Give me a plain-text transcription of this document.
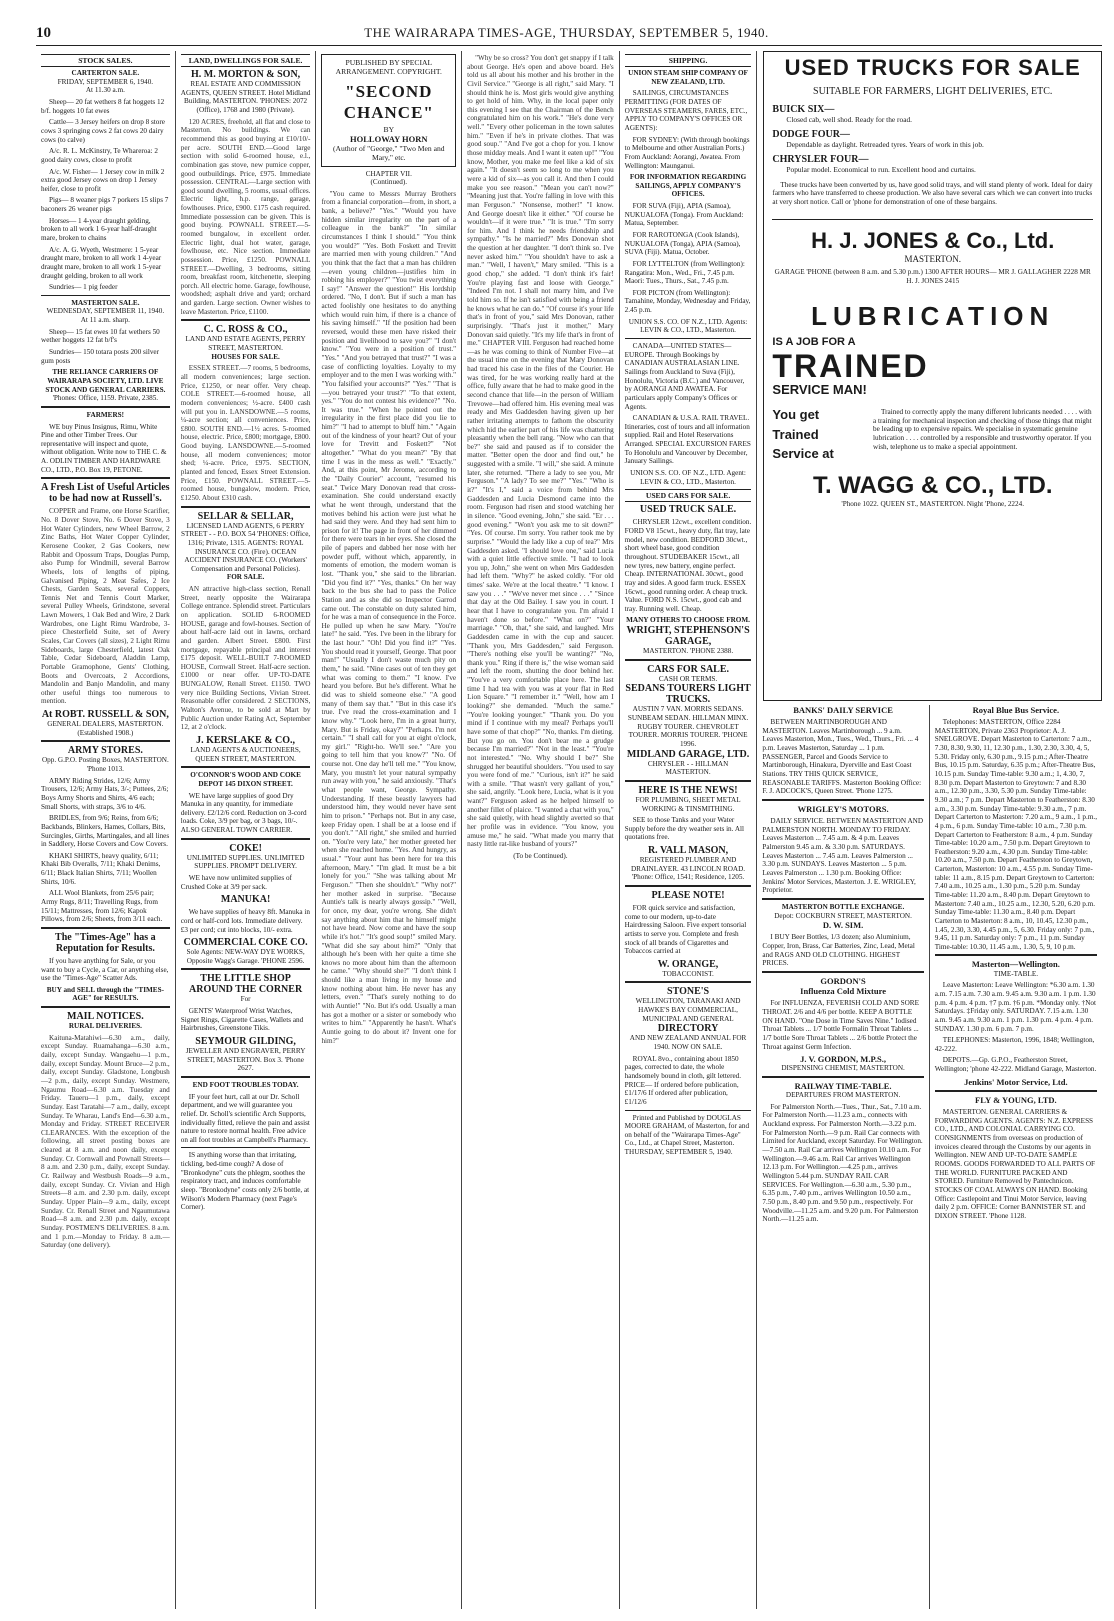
10	THE WAIRARAPA TIMES-AGE, THURSDAY, SEPTEMBER 5, 1940.
STOCK SALES.
CARTERTON SALE.
FRIDAY, SEPTEMBER 6, 1940.
At 11.30 a.m.
Sheep— 20 fat wethers 8 fat hoggets 12 b/f. hoggets 10 fat ewes
Cattle— 3 Jersey heifers on drop 8 store cows 3 springing cows 2 fat cows 20 dairy cows (to calve)
A/c. R. L. McKinstry, Te Whareroa: 2 good dairy cows, close to profit
A/c. W. Fisher— 1 Jersey cow in milk 2 extra good Jersey cows on drop 1 Jersey heifer, close to profit
Pigs— 8 weaner pigs 7 porkers 15 slips 7 baconers 26 weaner pigs
Horses— 1 4-year draught gelding, broken to all work 1 6-year half-draught mare, broken to chains
A/c. A. G. Wyeth, Westmere: 1 5-year draught mare, broken to all work 1 4-year draught mare, broken to all work 1 5-year draught gelding, broken to all work
Sundries— 1 pig feeder
MASTERTON SALE.
WEDNESDAY, SEPTEMBER 11, 1940.
At 11 a.m. sharp.
Sheep— 15 fat ewes 10 fat wethers 50 wether hoggets 12 fat b/f's
Sundries— 150 totara posts 200 silver gum posts
THE RELIANCE CARRIERS OF WAIRARAPA SOCIETY, LTD. LIVE STOCK AND GENERAL CARRIERS.
'Phones: Office, 1159. Private, 2385.
FARMERS!
WE buy Pinus Insignus, Rimu, White Pine and other Timber Trees. Our representative will inspect and quote, without obligation. Write now to THE C. & A. ODLIN TIMBER AND HARDWARE CO., LTD., P.O. Box 19, PETONE.
A Fresh List of Useful Articles to be had now at Russell's.
COPPER and Frame, one Horse Scarifier, No. 8 Dover Stove, No. 6 Dover Stove, 3 Hot Water Cylinders, new Wheel Barrow, 2 Zinc Baths, Hot Water Copper Cylinder, Kerosene Cooker, 2 Gas Cookers, new Rabbit and Opossum Traps, Douglas Pump, also Pump for Windmill, several Barrow Wheels, lots of lengths of piping, Galvanised Piping, 2 Meat Safes, 2 Ice Chests, Garden Seats, several Coppers, Tennis Net and Tennis Court Marker, several Pulley Wheels, Grindstone, several Lawn Mowers, 1 Oak Bed and Wire, 2 Dark Wardrobes, one Light Rimu Wardrobe, 3-piece Chesterfield Suite, set of Avery Scales, Car Covers (all sizes), 2 Light Rimu Sideboards, large Chesterfield, latest Oak Table, Cedar Sideboard, Aladdin Lamp, Portable Gramophone, Gents' Clothing, Boots and Overcoats, 2 Accordions, Mandolin and Banjo Mandolin, and many other useful things too numerous to mention.
At ROBT. RUSSELL & SON,
GENERAL DEALERS, MASTERTON. (Established 1908.)
ARMY STORES.
Opp. G.P.O. Posting Boxes, MASTERTON. 'Phone 1013.
ARMY Riding Strides, 12/6; Army Trousers, 12/6; Army Hats, 3/-; Puttees, 2/6; Boys Army Shorts and Shirts, 4/6 each; Small Shorts, with straps, 3/6 to 4/6.
BRIDLES, from 9/6; Reins, from 6/6; Backbands, Blinkers, Hames, Collars, Bits, Surcingles, Girths, Martingales, and all lines in Saddlery, Horse Covers and Cow Covers.
KHAKI SHIRTS, heavy quality, 6/11; Khaki Bib Overalls, 7/11; Khaki Denims, 6/11; Black Italian Shirts, 7/11; Woollen Shirts, 10/6.
ALL Wool Blankets, from 25/6 pair; Army Rugs, 8/11; Travelling Rugs, from 15/11; Mattresses, from 12/6; Kapok Pillows, from 2/6; Sheets, from 3/11 each.
The "Times-Age" has a Reputation for Results.
If you have anything for Sale, or you want to buy a Cycle, a Car, or anything else, use the "Times-Age" Scatter Ads.
BUY and SELL through the "TIMES-AGE" for RESULTS.
MAIL NOTICES.
RURAL DELIVERIES.
Kaituna-Matahiwi—6.30 a.m., daily, except Sunday. Ruamahanga—6.30 a.m., daily, except Sunday. Wangaehu—1 p.m., daily, except Sunday. Mount Bruce—2 p.m., daily, except Sunday. Gladstone, Longbush—2 p.m., daily, except Sunday. Westmere, Ngaumu Road—6.30 a.m. Tuesday and Friday. Taueru—1 p.m., daily, except Sunday. East Taratahi—7 a.m., daily, except Sunday. Te Wharau, Land's End—6.30 a.m., Monday and Friday. STREET RECEIVER CLEARANCES. With the exception of the following, all street posting boxes are cleared at 8 a.m. and noon daily, except Sunday. Cr. Cornwall and Pownall Streets—8 a.m. and 2.30 p.m., daily, except Sunday. Cr. Railway and Westbush Roads—9 a.m., daily, except Sunday. Cr. Vivian and High Streets—8 a.m. and 2.30 p.m. daily, except Sunday. Upper Plain—9 a.m., daily, except Sunday. Cr. Renall Street and Ngaumutawa Road—8 a.m. and 2.30 p.m. daily, except Sunday. POSTMEN'S DELIVERIES. 8 a.m. and 1 p.m.—Monday to Friday. 8 a.m.—Saturday (one delivery).
LAND, DWELLINGS FOR SALE.
H. M. MORTON & SON,
REAL ESTATE AND COMMISSION AGENTS, QUEEN STREET. Hotel Midland Building, MASTERTON. 'PHONES: 2072 (Office), 1768 and 1980 (Private).
120 ACRES, freehold, all flat and close to Masterton. No buildings. We can recommend this as good buying at £10/10/- per acre. SOUTH END.—Good large section with solid 6-roomed house, e.l., combination gas stove, new pumice copper, good outbuildings. Price, £975. Immediate possession. CENTRAL—Large section with good sound dwelling, 5 rooms, usual offices. Electric light, h.p. range, garage, fowlhouses. Price, £900. £175 cash required. Immediate possession can be given. This is good buying. POWNALL STREET.—5-roomed bungalow, in excellent order. Electric light, dual hot water, garage, fowlhouse, etc. Nice section. Immediate possession. Price, £1250. POWNALL STREET.—Dwelling, 3 bedrooms, sitting room, breakfast room, kitchenette, sleeping porch. All electric home. Garage, fowlhouse, woodshed; asphalt drive and yard; orchard and garden. Large section. Owner wishes to leave Masterton. Price, £1100.
C. C. ROSS & CO.,
LAND AND ESTATE AGENTS, PERRY STREET, MASTERTON.
HOUSES FOR SALE.
ESSEX STREET.—7 rooms, 5 bedrooms, all modern conveniences; large section. Price, £1250, or near offer. Very cheap. COLE STREET.—6-roomed house, all modern conveniences; ½-acre. £400 cash will put you in. LANSDOWNE.—5 rooms, ¼-acre section; all conveniences. Price, £800. SOUTH END.—1½ acres. 5-roomed house, electric. Price, £800; mortgage, £800. Good buying. LANSDOWNE.—5-roomed house, all modern conveniences; motor shed; ¼-acre. Price, £975. SECTION, planted and fenced, Essex Street Extension. Price, £150. POWNALL STREET.—5-roomed house, bungalow, modern. Price, £1250. About £310 cash.
SELLAR & SELLAR,
LICENSED LAND AGENTS, 6 PERRY STREET - - P.O. BOX 54 'PHONES: Office, 1316; Private, 1315. AGENTS: ROYAL INSURANCE CO. (Fire). OCEAN ACCIDENT INSURANCE CO. (Workers' Compensation and Personal Policies).
FOR SALE.
AN attractive high-class section, Renall Street, nearly opposite the Wairarapa College entrance. Splendid street. Particulars on application. SOLID 6-ROOMED HOUSE, garage and fowl-houses. Section of about half-acre laid out in lawns, orchard and garden. Albert Street. £800. First mortgage, repayable principal and interest £175 deposit. WELL-BUILT 7-ROOMED HOUSE, Cornwall Street. Half-acre section. £1000 or near offer. UP-TO-DATE BUNGALOW, Renall Street. £1150. TWO very nice Building Sections, Vivian Street. Reasonable offer considered. 2 SECTIONS, Walton's Avenue, to be sold at Mart by Public Auction under Rating Act, September 12, at 2 o'clock.
J. KERSLAKE & CO.,
LAND AGENTS & AUCTIONEERS, QUEEN STREET, MASTERTON.
O'CONNOR'S WOOD AND COKE DEPOT 145 DIXON STREET.
WE have large supplies of good Dry Manuka in any quantity, for immediate delivery. £2/12/6 cord. Reduction on 3-cord loads. Coke, 3/9 per bag, or 3 bags, 10/-. ALSO GENERAL TOWN CARRIER.
COKE!
UNLIMITED SUPPLIES. UNLIMITED SUPPLIES. PROMPT DELIVERY.
WE have now unlimited supplies of Crushed Coke at 3/9 per sack.
MANUKA!
We have supplies of heavy 8ft. Manuka in cord or half-cord lots. Immediate delivery. £3 per cord; cut into blocks, 10/- extra.
COMMERCIAL COKE CO.
Sole Agents: NEW-WAY DYE WORKS, Opposite Wagg's Garage. 'PHONE 2596.
THE LITTLE SHOP AROUND THE CORNER
For
GENTS' Waterproof Wrist Watches, Signet Rings, Cigarette Cases, Wallets and Hairbrushes, Greenstone Tikis.
SEYMOUR GILDING,
JEWELLER AND ENGRAVER, PERRY STREET, MASTERTON. Box 3. 'Phone 2627.
END FOOT TROUBLES TODAY.
IF your feet hurt, call at our Dr. Scholl department, and we will guarantee you relief. Dr. Scholl's scientific Arch Supports, individually fitted, relieve the pain and assist nature to restore normal health. Free advice on all foot troubles at Campbell's Pharmacy.
IS anything worse than that irritating, tickling, bed-time cough? A dose of "Bronkodyne" cuts the phlegm, soothes the respiratory tract, and induces comfortable sleep. "Bronkodyne" costs only 2/6 bottle, at Wilson's Modern Pharmacy (next Page's Corner).
PUBLISHED BY SPECIAL ARRANGEMENT. COPYRIGHT.
"SECOND CHANCE"
BY
HOLLOWAY HORN
(Author of "George," "Two Men and Mary," etc.
CHAPTER VII.
(Continued).
"You came to Messrs Murray Brothers from a financial corporation—from, in short, a bank, a believe?" "Yes." "Would you have hidden similar irregularity on the part of a colleague in the bank?" "In similar circumstances I think I should." "You think you would?" "Yes. Both Foskett and Trevitt are married men with young children." "And you think that the fact that a man has children—even young children—justifies him in robbing his employer?" "You twist everything I say!" "Answer the question!" His lordship ordered. "No, I don't. But if such a man has acted foolishly one hesitates to do anything which would ruin him, if there is a chance of his saving himself." "If the position had been reversed, would these men have risked their position and livelihood to save you?" "I don't know." "You were in a position of trust." "Yes." "And you betrayed that trust?" "I was a case of conflicting loyalties. Loyalty to my employer and to the men I was working with." "You falsified your accounts?" "Yes." "That is—you betrayed your trust?" "To that extent, yes." "You do not contest his evidence?" "No. It was true." "When he pointed out the irregularity in the first place did you lie to him?" "I had to attempt to bluff him." "Again out of the kindness of your heart? Out of your love for Trevitt and Foskett?" "Not altogether." "What do you mean?" "By that time I was in the mess as well." "Exactly." And, at this point, Mr Jerome, according to the "Daily Courier" account, "resumed his seat." Twice Mary Donovan read that cross-examination. She could understand exactly what he went through, understand that the motives behind his action were just what he had said they were. And they had sent him to prison for it! The page in front of her dimmed for there were tears in her eyes. She closed the pile of papers and dabbed her nose with her powder puff, without which, apparently, in moments of emotion, the modern woman is lost. "Thank you," she said to the librarian. "Did you find it?" "Yes, thanks." On her way back to the bus she had to pass the Police Station and as she did so Inspector Garrod came out. The constable on duty saluted him, for he was a man of consequence in the Force. He pulled up when he saw Mary. "You're late!" he said. "Yes. I've been in the library for the last hour." "Oh! Did you find it?" "Yes. You should read it yourself, George. That poor man!" "Usually I don't waste much pity on them," he said. "Nine cases out of ten they get what was coming to them." "I know. I've heard you before. But he's different. What he did was to shield someone else." "A good many of them say that." "But in this case it's true. I've read the cross-examination and I know why." "Look here, I'm in a great hurry, Mary. But is Friday, okay?" "Perhaps. I'm not certain." "I shall call for you at eight o'clock, my girl." "Right-ho. We'll see." "Are you going to tell him that you know?" "No. Of course not. One day he'll tell me." "You know, Mary, you mustn't let your natural sympathy run away with you," he said anxiously. "That's what people want, George. Sympathy. Understanding. If these beastly lawyers had understood him, they would never have sent him to prison." "Perhaps not. But in any case, keep Friday open. I shall be at a loose end if you don't." "All right," she smiled and hurried on. "You're very late," her mother greeted her when she reached home. "Yes. And hungry, as usual." "Your aunt has been here for tea this afternoon, Mary." "I'm glad. It must be a bit lonely for you." "She was talking about Mr Ferguson." "Then she shouldn't." "Why not?" her mother asked in surprise. "Because Auntie's talk is nearly always gossip." "Well, for once, my dear, you're wrong. She didn't say anything about him that he himself might not have heard. Now come and have the soup while it's hot." "It's good soup!" smiled Mary. "What did she say about him?" "Only that although he's been with her quite a time she knows no more about him than the afternoon he came." "Why should she?" "I don't think I should like a man living in my house and know nothing about him. He never has any letters, even." "That's surely nothing to do with Auntie!" "No. But it's odd. Usually a man has got a mother or a sister or somebody who writes to him." "Apparently he hasn't. What's Auntie going to do about it? Invent one for him?"
"Why be so cross? You don't get snappy if I talk about George. He's open and above board. He's told us all about his mother and his brother in the Civil Service." "George is all right," said Mary. "I should think he is. Most girls would give anything to get hold of him. Why, in the local paper only this evening I see that the Chairman of the Bench congratulated him on his work." "He's done very well." "Every other policeman in the town salutes him." "Even if he's in private clothes. That was good soup." "And I've got a chop for you. I know those midday meals. And I want it eaten up!" "You know, Mother, you make me feel like a kid of six again." "It doesn't seem so long to me when you were a kid of six—as you call it. And then I could make you see reason." "Mean you can't now?" "Meaning just that. You're falling in love with this man Ferguson." "Nonsense, mother!" "I know. And George doesn't like it either." "Of course he wouldn't—if it were true." "It is true." "I'm sorry for him. And I think he needs friendship and sympathy." "Is he married?" Mrs Donovan shot the question at her daughter. "I don't think so. I've never asked him." "You shouldn't have to ask a man." "Well, I haven't," Mary smiled. "This is a good chop," she added. "I don't think it's fair! You're playing fast and loose with George." "Indeed I'm not. I shall not marry him, and I've told him so. If he isn't satisfied with being a friend he knows what he can do." "Of course it's your life that's in front of you," said Mrs Donovan, rather surprisingly. "That's just it mother," Mary Donovan said quietly. "It's my life that's in front of me." CHAPTER VIII. Ferguson had reached home—as he was coming to think of Number Five—at the usual time on the evening that Mary Donovan had traced his case in the files of the Courier. He was tired, for he was working really hard at the office, fully aware that he had to make good in the second chance that life—in the person of William Trevowe—had offered him. His evening meal was ready and Mrs Gaddesden having given up her rather irritating attempts to fathom the obscurity which hid the earlier part of his life was chattering pleasantly when the bell rang. "Now who can that be?" she said and paused as if to consider the matter. "Better open the door and find out," he suggested with a smile. "I will," she said. A minute later, she returned. "There a lady to see you, Mr Ferguson." "A lady? To see me?" "Yes." "Who is it?" "It's I," said a voice from behind Mrs Gaddesden and Lucia Desmond came into the room. Ferguson had risen and stood watching her in silence. "Good evening, John," she said. "Er . . . good evening." "Won't you ask me to sit down?" "Yes. Of course. I'm sorry. You rather took me by surprise." "Would the lady like a cup of tea?" Mrs Gaddesden asked. "I should love one," said Lucia with a quiet little effective smile. "I had to look you up, John," she went on when Mrs Gaddesden had left them. "Why?" he asked coldly. "For old times' sake. We're at the local theatre." "I know. I saw you . . ." "We've never met since . . ." "Since that day at the Old Bailey. I saw you in court. I hear that I have to congratulate you. I'm afraid I haven't done so before." "What on?" "Your marriage." "Oh, that," she said, and laughed. Mrs Gaddesden came in with the cup and saucer. "Thank you, Mrs Gaddesden," said Ferguson. "There's nothing else you'll be wanting?" "No, thank you." Ring if there is," the wise woman said and left the room, shutting the door behind her. "You've a very comfortable place here. The last time I had tea with you was at your flat in Red Lion Square." "I remember it." "Well, how am I looking?" she demanded. "Much the same." "You're looking younger." "Thank you. Do you mind if I continue with my meal? Perhaps you'll have some of that chop?" "No, thanks. I'm dieting. But you go on. You don't bear me a grudge because I'm married?" "Not in the least." "You're not interested." "No. Why should I be?" She shrugged her beautiful shoulders. "You used to say you were fond of me." "Curious, isn't it?" he said with a smile. "That wasn't very gallant of you," she said, angrily. "Look here, Lucia, what is it you want?" Ferguson asked as he helped himself to another fillet of plaice. "I wanted a chat with you," she said quietly, with head slightly averted so that her profile was in evidence. "You know, you amuse me," he said. "What made you marry that nasty little rat-like husband of yours?"
(To be Continued).
SHIPPING.
UNION STEAM SHIP COMPANY OF NEW ZEALAND, LTD.
SAILINGS, CIRCUMSTANCES PERMITTING (FOR DATES OF OVERSEAS STEAMERS, FARES, ETC., APPLY TO COMPANY'S OFFICES OR AGENTS):
FOR SYDNEY: (With through bookings to Melbourne and other Australian Ports.) From Auckland: Aorangi, Awatea. From Wellington: Maunganui.
FOR INFORMATION REGARDING SAILINGS, APPLY COMPANY'S OFFICES.
FOR SUVA (Fiji), APIA (Samoa), NUKUALOFA (Tonga). From Auckland: Matua, September.
FOR RAROTONGA (Cook Islands), NUKUALOFA (Tonga), APIA (Samoa), SUVA (Fiji). Matua, October.
FOR LYTTELTON (from Wellington): Rangatira: Mon., Wed., Fri., 7.45 p.m. Maori: Tues., Thurs., Sat., 7.45 p.m.
FOR PICTON (from Wellington): Tamahine, Monday, Wednesday and Friday, 2.45 p.m.
UNION S.S. CO. OF N.Z., LTD. Agents: LEVIN & CO., LTD., Masterton.
CANADA—UNITED STATES—EUROPE. Through Bookings by CANADIAN AUSTRALASIAN LINE. Sailings from Auckland to Suva (Fiji), Honolulu, Victoria (B.C.) and Vancouver, by AORANGI AND AWATEA. For particulars apply Company's Offices or Agents.
CANADIAN & U.S.A. RAIL TRAVEL. Itineraries, cost of tours and all information supplied. Rail and Hotel Reservations Arranged. SPECIAL EXCURSION FARES To Honolulu and Vancouver by December, January Sailings.
UNION S.S. CO. OF N.Z., LTD. Agent: LEVIN & CO., LTD., Masterton.
USED CARS FOR SALE.
USED TRUCK SALE.
CHRYSLER 12cwt., excellent condition. FORD V8 15cwt., heavy duty, flat tray, late model, new condition. BEDFORD 30cwt., short wheel base, good condition throughout. STUDEBAKER 15cwt., all new tyres, new battery, engine perfect. Cheap. INTERNATIONAL 30cwt., good tray and sides. A good farm truck. ESSEX 16cwt., good running order. A cheap truck. Value. FORD N.S. 15cwt., good cab and tray. Running well. Cheap.
MANY OTHERS TO CHOOSE FROM.
WRIGHT, STEPHENSON'S GARAGE,
MASTERTON. 'PHONE 2388.
CARS FOR SALE.
CASH OR TERMS.
SEDANS TOURERS LIGHT TRUCKS.
AUSTIN 7 VAN. MORRIS SEDANS. SUNBEAM SEDAN. HILLMAN MINX. RUGBY TOURER. CHEVROLET TOURER. MORRIS TOURER. 'PHONE 1996.
MIDLAND GARAGE, LTD.
CHRYSLER - - HILLMAN MASTERTON.
HERE IS THE NEWS!
FOR PLUMBING, SHEET METAL WORKING & TINSMITHING.
SEE to those Tanks and your Water Supply before the dry weather sets in. All quotations free.
R. VALL MASON,
REGISTERED PLUMBER AND DRAINLAYER. 43 LINCOLN ROAD. 'Phone: Office, 1541; Residence, 1205.
PLEASE NOTE!
FOR quick service and satisfaction, come to our modern, up-to-date Hairdressing Saloon. Five expert tonsorial artists to serve you. Complete and fresh stock of all brands of Cigarettes and Tobaccos carried at
W. ORANGE,
TOBACCONIST.
STONE'S
WELLINGTON, TARANAKI AND HAWKE'S BAY COMMERCIAL, MUNICIPAL AND GENERAL
DIRECTORY
AND NEW ZEALAND ANNUAL FOR 1940. NOW ON SALE.
ROYAL 8vo., containing about 1850 pages, corrected to date, the whole handsomely bound in cloth, gilt lettered. PRICE— If ordered before publication, £1/17/6 If ordered after publication, £1/12/6
Printed and Published by DOUGLAS MOORE GRAHAM, of Masterton, for and on behalf of the "Wairarapa Times-Age" Co., Ltd., at Chapel Street, Masterton. THURSDAY, SEPTEMBER 5, 1940.
USED TRUCKS FOR SALE
SUITABLE FOR FARMERS, LIGHT DELIVERIES, ETC.
BUICK SIX—
Closed cab, well shod. Ready for the road.
DODGE FOUR—
Dependable as daylight. Retreaded tyres. Years of work in this job.
CHRYSLER FOUR—
Popular model. Economical to run. Excellent hood and curtains.
These trucks have been converted by us, have good solid trays, and will stand plenty of work. Ideal for dairy farmers who have transferred to cheese production. We also have several cars which we can convert into trucks at very short notice. Call or 'phone for demonstration of one of these bargains.
H. J. JONES & Co., Ltd.
MASTERTON.
GARAGE 'PHONE (between 8 a.m. and 5.30 p.m.) 1300 AFTER HOURS— MR J. GALLAGHER 2228 MR H. J. JONES 2415
LUBRICATION
IS A JOB FOR A
TRAINED
SERVICE MAN!
You get Trained Service at
Trained to correctly apply the many different lubricants needed . . . . with a training for mechanical inspection and checking of those things that might be leading up to expensive repairs. We specialise in systematic genuine lubrication . . . . controlled by a responsible and trustworthy operator. If you wish, telephone us to make a special appointment.
T. WAGG & CO., LTD.
'Phone 1022. QUEEN ST., MASTERTON. Night 'Phone, 2224.
BANKS' DAILY SERVICE
BETWEEN MARTINBOROUGH AND MASTERTON. Leaves Martinborough ... 9 a.m. Leaves Masterton, Mon., Tues., Wed., Thurs., Fri. ... 4 p.m. Leaves Masterton, Saturday ... 1 p.m. PASSENGER, Parcel and Goods Service to Martinborough, Hinakura, Dyerville and East Coast Stations. TRY THIS QUICK SERVICE, REASONABLE TARIFFS. Masterton Booking Office: F. J. ADCOCK'S, Queen Street. 'Phone 1275.
WRIGLEY'S MOTORS.
DAILY SERVICE. BETWEEN MASTERTON AND PALMERSTON NORTH. MONDAY TO FRIDAY. Leaves Masterton ... 7.45 a.m. & 4 p.m. Leaves Palmerston 9.45 a.m. & 3.30 p.m. SATURDAYS. Leaves Masterton ... 7.45 a.m. Leaves Palmerston ... 3.30 p.m. SUNDAYS. Leaves Masterton ... 5 p.m. Leaves Palmerston ... 1.30 p.m. Booking Office: Jenkins' Motor Services, Masterton. J. E. WRIGLEY, Proprietor.
MASTERTON BOTTLE EXCHANGE.
Depot: COCKBURN STREET, MASTERTON.
D. W. SIM.
I BUY Beer Bottles, 1/3 dozen; also Aluminium, Copper, Iron, Brass, Car Batteries, Zinc, Lead, Metal and RAGS AND OLD CLOTHING. HIGHEST PRICES.
GORDON'S
Influenza Cold Mixture
For INFLUENZA, FEVERISH COLD AND SORE THROAT. 2/6 and 4/6 per bottle. KEEP A BOTTLE ON HAND. "One Dose in Time Saves Nine." Iodised Throat Tablets ... 1/7 bottle Formalin Throat Tablets ... 1/7 bottle Sore Throat Tablets ... 2/6 bottle Protect the Throat against Germ Infection.
J. V. GORDON, M.P.S.,
DISPENSING CHEMIST, MASTERTON.
RAILWAY TIME-TABLE.
DEPARTURES FROM MASTERTON.
For Palmerston North.—Tues., Thur., Sat., 7.10 a.m. For Palmerston North.—11.23 a.m., connects with Auckland express. For Palmerston North.—3.22 p.m. For Palmerston North.—9 p.m. Rail Car connects with Limited for Auckland, except Saturday. For Wellington.—7.50 a.m. Rail Car arrives Wellington 10.10 a.m. For Wellington.—9.46 a.m. Rail Car arrives Wellington 12.13 p.m. For Wellington.—4.25 p.m., arrives Wellington 5.44 p.m. SUNDAY RAIL CAR SERVICES. For Wellington.—6.30 a.m., 5.30 p.m., 6.35 p.m., 7.40 p.m., arrives Wellington 10.50 a.m., 7.50 p.m., 8.40 p.m. and 9.50 p.m., respectively. For Woodville.—11.25 a.m. and 9.20 p.m. For Palmerston North.—11.25 a.m.
Royal Blue Bus Service.
Telephones: MASTERTON, Office 2284 MASTERTON, Private 2363 Proprietor: A. J. SNELGROVE. Depart Masterton to Carterton: 7 a.m., 7.30, 8.30, 9.30, 11, 12.30 p.m., 1.30, 2.30, 3.30, 4, 5, 5.30. Friday only, 6.30 p.m., 9.15 p.m.; After-Theatre Bus, 10.15 p.m. Saturday, 6.35 p.m.; After-Theatre Bus, 10.15 p.m. Sunday Time-table: 9.30 a.m.; 1, 4.30, 7, 8.30 p.m. Depart Masterton to Greytown: 7 and 8.30 a.m., 12.30 p.m., 3.30, 5.30 p.m. Sunday Time-table: 9.30 a.m.; 7 p.m. Depart Masterton to Featherston: 8.30 a.m., 3.30 p.m. Sunday Time-table: 9.30 a.m., 7 p.m. Depart Carterton to Masterton: 7.20 a.m., 9 a.m., 1 p.m., 4 p.m., 6 p.m. Sunday Time-table: 10 a.m., 7.30 p.m. Depart Carterton to Featherston: 8 a.m., 4 p.m. Sunday Time-table: 10.20 a.m., 7.50 p.m. Depart Greytown to Featherston: 9.20 a.m., 4.30 p.m. Sunday Time-table: 10.20 a.m., 7.50 p.m. Depart Featherston to Greytown, Carterton, Masterton: 10 a.m., 4.55 p.m. Sunday Time-table: 11 a.m., 8.15 p.m. Depart Greytown to Carterton: 7.40 a.m., 10.25 a.m., 1.30 p.m., 5.20 p.m. Sunday Time-table: 11.20 a.m., 8.40 p.m. Depart Greytown to Masterton: 7.40 a.m., 10.25 a.m., 12.30, 5.20, 6.20 p.m. Sunday Time-table: 11.30 a.m., 8.40 p.m. Depart Carterton to Masterton: 8 a.m., 10, 10.45, 12.30 p.m., 1.45, 2.30, 3.30, 4.45 p.m., 5, 6.30. Friday only: 7 p.m., 9.45, 11 p.m. Saturday only: 7 p.m., 11 p.m. Sunday Time-table: 10.30, 11.45 a.m., 1.30, 5, 9, 10 p.m.
Masterton—Wellington.
TIME-TABLE.
Leave Masterton: Leave Wellington: *6.30 a.m. 1.30 a.m. 7.15 a.m. 7.30 a.m. 9.45 a.m. 9.30 a.m. 1 p.m. 1.30 p.m. 4 p.m. 4 p.m. †7 p.m. †6 p.m. *Monday only. †Not Saturdays. ‡Friday only. SATURDAY. 7.15 a.m. 1.30 a.m. 9.45 a.m. 9.30 a.m. 1 p.m. 1.30 p.m. 4 p.m. 4 p.m. SUNDAY. 1.30 p.m. 6 p.m. 7 p.m.
TELEPHONES: Masterton, 1996, 1848; Wellington, 42-222.
DEPOTS.—Gp. G.P.O., Featherston Street, Wellington; 'phone 42-222. Midland Garage, Masterton.
Jenkins' Motor Service, Ltd.
FLY & YOUNG, LTD.
MASTERTON. GENERAL CARRIERS & FORWARDING AGENTS. AGENTS: N.Z. EXPRESS CO., LTD., AND COLONIAL CARRYING CO. CONSIGNMENTS from overseas on production of invoices cleared through the Customs by our agents in Wellington. NEW AND UP-TO-DATE SAMPLE ROOMS. GOODS FORWARDED TO ALL PARTS OF THE WORLD. FURNITURE PACKED AND STORED. Furniture Removed by Pantechnicon. STOCKS OF COAL ALWAYS ON HAND. Booking Office: Castlepoint and Tinui Motor Service, leaving daily 2 p.m. OFFICE: Corner BANNISTER ST. and DIXON STREET. 'Phone 1128.
